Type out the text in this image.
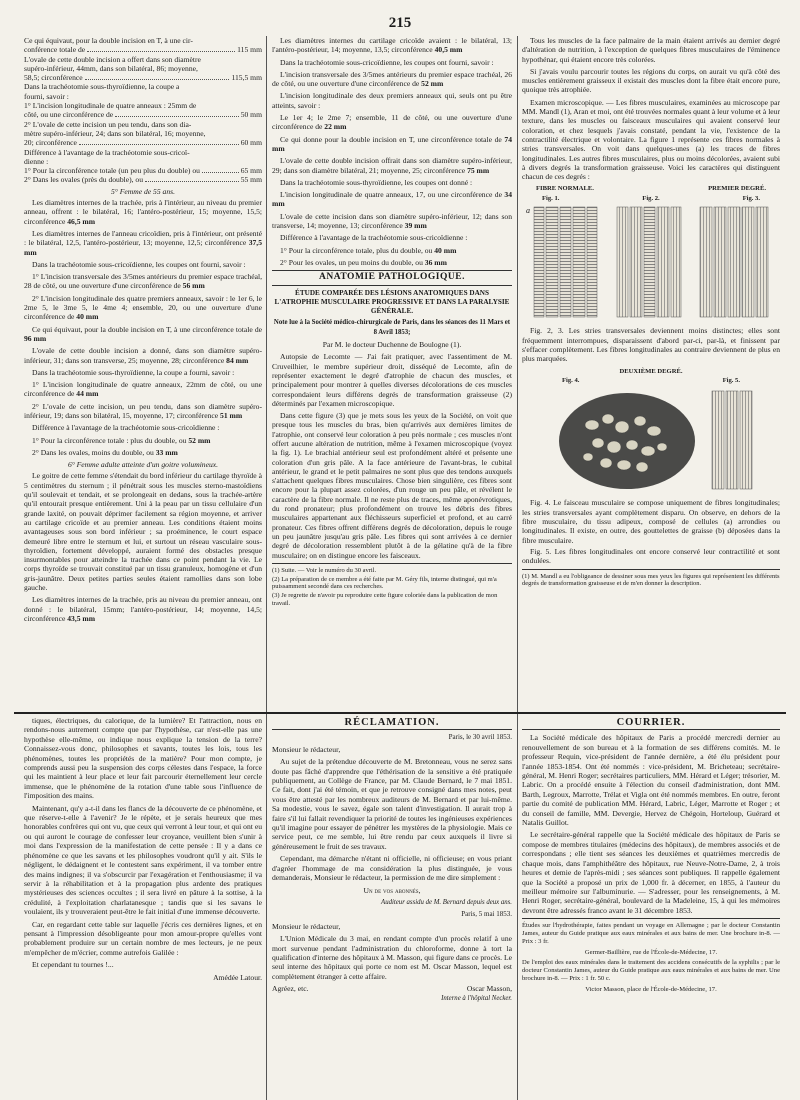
215
Ce qui équivaut, pour la double incision en T, à une cir-
conférence totale de	115 mm
L'ovale de cette double incision a offert dans son diamètre
supéro-inférieur, 44mm, dans son bilatéral, 86; moyenne,
58,5; circonférence	115,5 mm
Dans la trachéotomie sous-thyroïdienne, la coupe a
fourni, savoir :
1° L'incision longitudinale de quatre anneaux : 25mm de
côté, ou une circonférence de	50 mm
2° L'ovale de cette incision un peu tendu, dans son dia-
mètre supéro-inférieur, 24; dans son bilatéral, 16; moyenne,
20; circonférence	60 mm
Différence à l'avantage de la trachéotomie sous-cricoï-
dienne :
1° Pour la circonférence totale (un peu plus du double) ou	65 mm
2° Dans les ovales (près du double), ou	55 mm
5° Femme de 55 ans.
Les diamètres internes de la trachée, pris à l'intérieur, au niveau du premier anneau, offrent : le bilatéral, 16; l'antéro-postérieur, 15; moyenne, 15,5; circonférence 46,5 mm
Les diamètres internes de l'anneau cricoïdien, pris à l'intérieur, ont présenté : le bilatéral, 12,5, l'antéro-postérieur, 13; moyenne, 12,5; circonférence 37,5 mm
Dans la trachéotomie sous-cricoïdienne, les coupes ont fourni, savoir :
1° L'incision transversale des 3/5mes antérieurs du premier espace trachéal, 28 de côté, ou une ouverture d'une circonférence de 56 mm
2° L'incision longitudinale des quatre premiers anneaux, savoir : le 1er 6, le 2me 5, le 3me 5, le 4me 4; ensemble, 20, ou une ouverture d'une circonférence de 40 mm
Ce qui équivaut, pour la double incision en T, à une circonférence totale de 96 mm
L'ovale de cette double incision a donné, dans son diamètre supéro-inférieur, 31; dans son transverse, 25; moyenne, 28; circonférence 84 mm
Dans la trachéotomie sous-thyroïdienne, la coupe a fourni, savoir :
1° L'incision longitudinale de quatre anneaux, 22mm de côté, ou une circonférence de 44 mm
2° L'ovale de cette incision, un peu tendu, dans son diamètre supéro-inférieur, 19; dans son bilatéral, 15, moyenne, 17; circonférence 51 mm
Différence à l'avantage de la trachéotomie sous-cricoïdienne :
1° Pour la circonférence totale : plus du double, ou 52 mm
2° Dans les ovales, moins du double, ou 33 mm
6° Femme adulte atteinte d'un goitre volumineux.
Le goitre de cette femme s'étendait du bord inférieur du cartilage thyroïde à 5 centimètres du sternum ; il pénétrait sous les muscles sterno-mastoïdiens qu'il soulevait et tendait, et se prolongeait en dedans, sous la trachée-artère qu'il entourait presque entièrement. Uni à la peau par un tissu cellulaire d'un grande laxité, on pouvait déprimer facilement sa région moyenne, et arriver au cartilage cricoïde et au premier anneau. Les conditions étaient moins avantageuses sous son bord inférieur ; sa proéminence, le court espace demeuré libre entre le sternum et lui, et surtout un réseau vasculaire sous-thyroïdien, fortement développé, auraient formé des obstacles presque insurmontables pour atteindre la trachée dans ce point pendant la vie. Le corps thyroïde se trouvait constitué par un tissu granuleux, homogène et d'un gris-jaunâtre. Deux petites parties seules étaient ramollies dans son lobe gauche.
Les diamètres internes de la trachée, pris au niveau du premier anneau, ont donné : le bilatéral, 15mm; l'antéro-postérieur, 14; moyenne, 14,5; circonférence 43,5 mm
Les diamètres internes du cartilage cricoïde avaient : le bilatéral, 13; l'antéro-postérieur, 14; moyenne, 13,5; circonférence 40,5 mm
Dans la trachéotomie sous-cricoïdienne, les coupes ont fourni, savoir :
L'incision transversale des 3/5mes antérieurs du premier espace trachéal, 26 de côté, ou une ouverture d'une circonférence de 52 mm
L'incision longitudinale des deux premiers anneaux qui, seuls ont pu être atteints, savoir :
Le 1er 4; le 2me 7; ensemble, 11 de côté, ou une ouverture d'une circonférence de 22 mm
Ce qui donne pour la double incision en T, une circonférence totale de 74 mm
L'ovale de cette double incision offrait dans son diamètre supéro-inférieur, 29; dans son diamètre bilatéral, 21; moyenne, 25; circonférence 75 mm
Dans la trachéotomie sous-thyroïdienne, les coupes ont donné :
L'incision longitudinale de quatre anneaux, 17, ou une circonférence de 34 mm
L'ovale de cette incision dans son diamètre supéro-inférieur, 12; dans son transverse, 14; moyenne, 13; circonférence 39 mm
Différence à l'avantage de la trachéotomie sous-cricoïdienne :
1° Pour la circonférence totale, plus du double, ou 40 mm
2° Pour les ovales, un peu moins du double, ou 36 mm
ANATOMIE PATHOLOGIQUE.
ÉTUDE COMPARÉE DES LÉSIONS ANATOMIQUES DANS L'ATROPHIE MUSCULAIRE PROGRESSIVE ET DANS LA PARALYSIE GÉNÉRALE.
Note lue à la Société médico-chirurgicale de Paris, dans les séances des 11 Mars et 8 Avril 1853;
Par M. le docteur Duchenne de Boulogne (1).
Autopsie de Lecomte — J'ai fait pratiquer, avec l'assentiment de M. Cruveilhier, le membre supérieur droit, disséqué de Lecomte, afin de représenter exactement le degré d'atrophie de chacun des muscles, et principalement pour montrer à quelles diverses décolorations de ces muscles correspondaient leurs différens degrés de transformation graisseuse (2) déterminés par l'examen microscopique.
Dans cette figure (3) que je mets sous les yeux de la Société, on voit que presque tous les muscles du bras, bien qu'arrivés aux dernières limites de l'atrophie, ont conservé leur coloration à peu près normale ; ces muscles n'ont offert aucune altération de nutrition, même à l'examen microscopique (voyez la fig. 1). Le brachial antérieur seul est profondément altéré et présente une coloration d'un gris pâle. A la face antérieure de l'avant-bras, le cubital antérieur, le grand et le petit palmaires ne sont plus que des tendons auxquels s'attachent quelques fibres musculaires. Chose bien singulière, ces fibres sont encore pour la plupart assez colorées, d'un rouge un peu pâle, et révélent le caractère de la fibre normale. Il ne reste plus de traces, même aponévrotiques, du rond pronateur; plus profondément on trouve les débris des fibres musculaires appartenant aux fléchisseurs superficiel et profond, et au carré pronateur. Ces fibres offrent différens degrés de décoloration, depuis le rouge un peu jaunâtre jusqu'au gris pâle. Les fibres qui sont arrivées à ce dernier degré de décoloration ressemblent plutôt à de la gélatine qu'à de la fibre musculaire; on en distingue encore les faisceaux.
(1) Suite. — Voir le numéro du 30 avril.
(2) La préparation de ce membre a été faite par M. Géry fils, interne distingué, qui m'a puissamment secondé dans ces recherches.
(3) Je regrette de n'avoir pu reproduire cette figure coloriée dans la publication de mon travail.
Tous les muscles de la face palmaire de la main étaient arrivés au dernier degré d'altération de nutrition, à l'exception de quelques fibres musculaires de l'éminence hypothénar, qui étaient encore très colorées.
Si j'avais voulu parcourir toutes les régions du corps, on aurait vu qu'à côté des muscles entièrement graisseux il existait des muscles dont la fibre était encore pure, quoique très atrophiée.
Examen microscopique. — Les fibres musculaires, examinées au microscope par MM. Mandl (1), Aran et moi, ont été trouvées normales quant à leur volume et à leur texture, dans les muscles ou faisceaux musculaires qui avaient conservé leur coloration, et chez lesquels j'avais constaté, pendant la vie, l'existence de la contractilité électrique et volontaire. La figure 1 représente ces fibres normales à stries transversales. On voit dans quelques-unes (a) les traces de fibres longitudinales. Les autres fibres musculaires, plus ou moins décolorées, avaient subi à divers degrés la transformation graisseuse. Voici les caractères qui distinguent chacun de ces degrés :
FIBRE NORMALE.	PREMIER DEGRÉ.
Fig. 1.	Fig. 2.	Fig. 3.
a
Fig. 2, 3. Les stries transversales deviennent moins distinctes; elles sont fréquemment interrompues, disparaissent d'abord par-ci, par-là, et finissent par s'effacer complètement. Les fibres longitudinales au contraire deviennent de plus en plus marquées.
DEUXIÈME DEGRÉ.
Fig. 4.	Fig. 5.
Fig. 4. Le faisceau musculaire se compose uniquement de fibres longitudinales; les stries transversales ayant complètement disparu. On observe, en dehors de la fibre musculaire, du tissu adipeux, composé de cellules (a) arrondies ou longitudinales. Il existe, en outre, des gouttelettes de graisse (b) déposées dans la fibre musculaire.
Fig. 5. Les fibres longitudinales ont encore conservé leur contractilité et sont ondulées.
(1) M. Mandl a eu l'obligeance de dessiner sous mes yeux les figures qui représentent les différents degrés de transformation graisseuse et de m'en donner la description.
tiques, électriques, du calorique, de la lumière? Et l'attraction, nous en rendons-nous autrement compte que par l'hypothèse, car n'est-elle pas une hypothèse elle-même, ou indique nous explique la tension de la terre? Connaissez-vous donc, philosophes et savants, toutes les lois, tous les phénomènes, toutes les propriétés de la matière? Pour mon compte, je comprends aussi peu la suspension des corps célestes dans l'espace, la force qui les maintient à leur place et leur fait parcourir éternellement leur cercle immense, que le phénomène de la rotation d'une table sous l'influence de l'imposition des mains.
Maintenant, qu'y a-t-il dans les flancs de la découverte de ce phénomène, et que réserve-t-elle à l'avenir? Je le répète, et je serais heureux que mes honorables confrères qui ont vu, que ceux qui verront à leur tour, et qui ont eu ou qui auront le courage de confesser leur croyance, veuillent bien s'unir à moi dans l'expression de la manifestation de cette pensée : Il y a dans ce phénomène ce que les savans et les philosophes voudront qu'il y ait. S'ils le négligent, le dédaignent et le contestent sans expériment, il va tomber entre des mains indignes; il va s'obscurcir par l'exagération et l'enthousiasme; il va servir à la réhabilitation et à la propagation plus ardente des pratiques mystérieuses des sciences occultes ; il sera livré en pâture à la sottise, à la crédulité, à l'exploitation charlatanesque ; tandis que si les savans le voulaient, ils y trouveraient peut-être le fait initial d'une immense découverte.
Car, en regardant cette table sur laquelle j'écris ces dernières lignes, et en pensant à l'impression désobligeante pour mon amour-propre qu'elles vont probablement produire sur un certain nombre de mes lecteurs, je ne peux m'empêcher de m'écrier, comme autrefois Galilée :
Et cependant tu tournes !...
Amédée Latour.
RÉCLAMATION.
Paris, le 30 avril 1853.
Monsieur le rédacteur,
Au sujet de la prétendue découverte de M. Bretonneau, vous ne serez sans doute pas fâché d'apprendre que l'éthérisation de la sensitive a été pratiquée publiquement, au Collège de France, par M. Claude Bernard, le 7 mai 1851. Ce fait, dont j'ai été témoin, et que je retrouve consigné dans mes notes, peut vous être attesté par les nombreux auditeurs de M. Bernard et par lui-même. Sa modestie, vous le savez, égale son talent d'investigation. Il aurait trop à faire s'il lui fallait revendiquer la priorité de toutes les ingénieuses expériences qu'il imagine pour essayer de pénétrer les mystères de la physiologie. Mais ce service peut, ce me semble, lui être rendu par ceux auxquels il livre si généreusement le fruit de ses travaux.
Cependant, ma démarche n'étant ni officielle, ni officieuse; en vous priant d'agréer l'hommage de ma considération la plus distinguée, je vous demanderais, Monsieur le rédacteur, la permission de me dire simplement :
Un de vos abonnés,
Auditeur assidu de M. Bernard depuis deux ans.
Paris, 5 mai 1853.
Monsieur le rédacteur,
L'Union Médicale du 3 mai, en rendant compte d'un procès relatif à une mort survenue pendant l'administration du chloroforme, donne à tort la qualification d'interne des hôpitaux à M. Masson, qui figure dans ce procès. Le seul interne des hôpitaux qui porte ce nom est M. Oscar Masson, lequel est complètement étranger à cette affaire.
Agréez, etc.	Oscar Masson,
Interne à l'hôpital Necker.
COURRIER.
La Société médicale des hôpitaux de Paris a procédé mercredi dernier au renouvellement de son bureau et à la formation de ses différens comités. M. le professeur Requin, vice-président de l'année dernière, a été élu président pour l'année 1853-1854. Ont été nommés : vice-président, M. Bricheteau; secrétaire-général, M. Henri Roger; secrétaires particuliers, MM. Hérard et Léger; trésorier, M. Labric. On a procédé ensuite à l'élection du conseil d'administration, dont MM. Barth, Legroux, Marrotte, Trélat et Vigla ont été nommés membres. En outre, feront partie du comité de publication MM. Hérard, Labric, Léger, Marrotte et Roger ; et du conseil de famille, MM. Devergie, Hervez de Chégoin, Horteloup, Guérard et Natalis Guillot.
Le secrétaire-général rappelle que la Société médicale des hôpitaux de Paris se compose de membres titulaires (médecins des hôpitaux), de membres associés et de correspondans ; elle tient ses séances les deuxièmes et quatrièmes mercredis de chaque mois, dans l'amphithéâtre des hôpitaux, rue Neuve-Notre-Dame, 2, à trois heures et demie de l'après-midi ; ses séances sont publiques. Il rappelle également que la Société a proposé un prix de 1,000 fr. à décerner, en 1855, à l'auteur du meilleur mémoire sur l'albuminurie. — S'adresser, pour les renseignements, à M. Henri Roger, secrétaire-général, boulevard de la Madeleine, 15, à qui les mémoires devront être adressés franco avant le 31 décembre 1853.
Études sur l'hydrothérapie, faites pendant un voyage en Allemagne ; par le docteur Constantin James, auteur du Guide pratique aux eaux minérales et aux bains de mer. Une brochure in-8. — Prix : 3 fr.
Germer-Baillière, rue de l'École-de-Médecine, 17.
De l'emploi des eaux minérales dans le traitement des accidens consécutifs de la syphilis ; par le docteur Constantin James, auteur du Guide pratique aux eaux minérales et aux bains de mer. Une brochure in-8. — Prix : 1 fr. 50 c.
Victor Masson, place de l'École-de-Médecine, 17.
